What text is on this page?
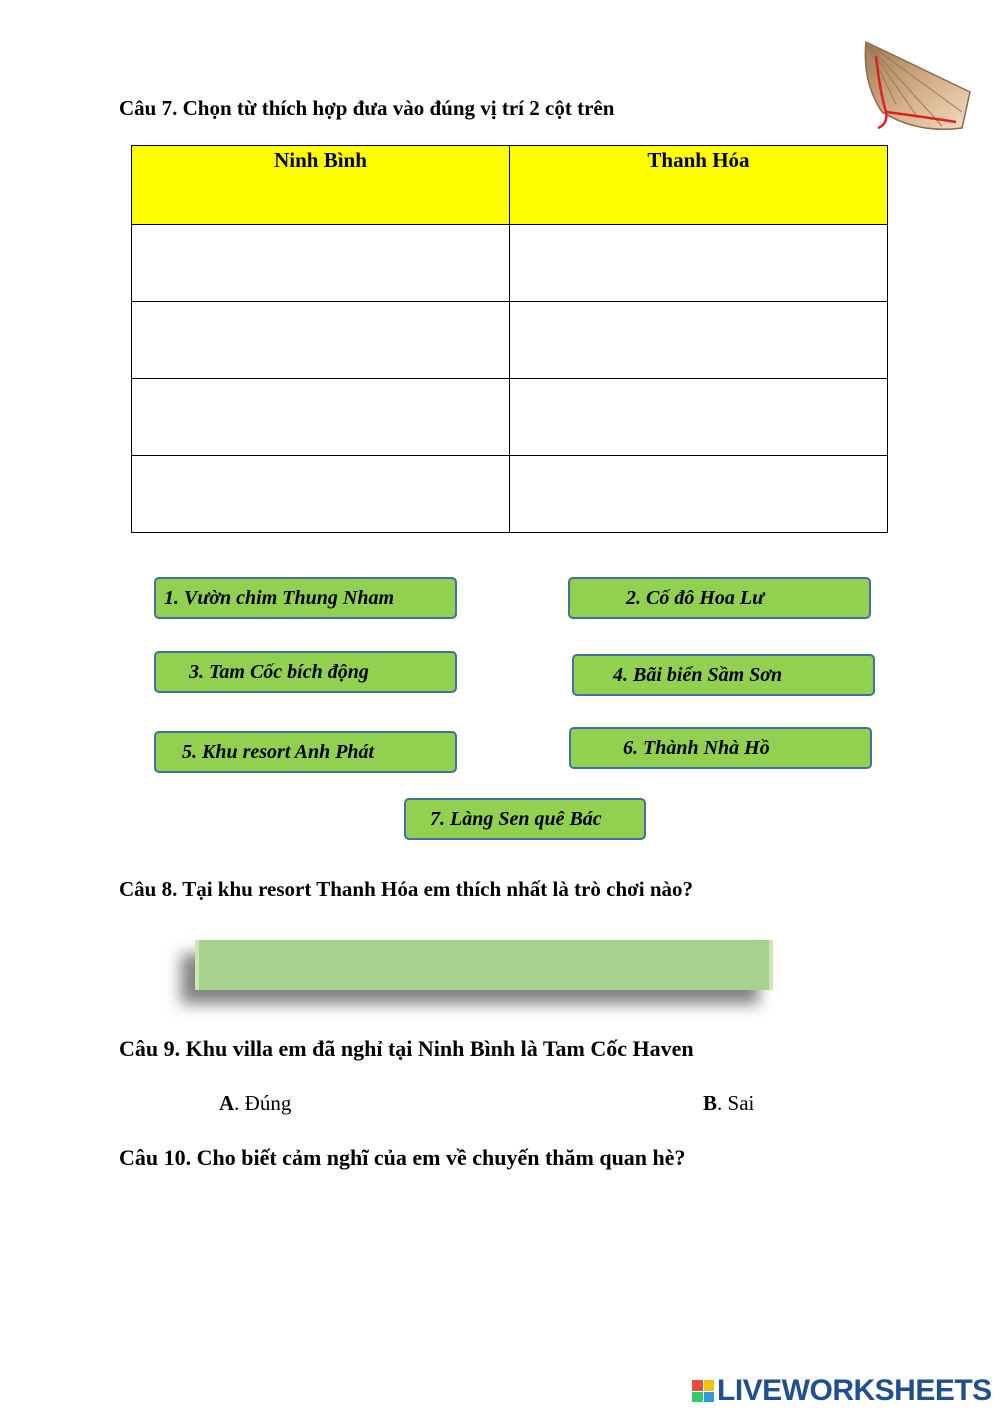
Câu 7. Chọn từ thích hợp đưa vào đúng vị trí 2 cột trên
Ninh Bình	Thanh Hóa

1. Vườn chim Thung Nham	2. Cố đô Hoa Lư
3. Tam Cốc bích động	4. Bãi biển Sầm Sơn
5. Khu resort Anh Phát	6. Thành Nhà Hồ
7. Làng Sen quê Bác
Câu 8. Tại khu resort Thanh Hóa em thích nhất là trò chơi nào?
Câu 9. Khu villa em đã nghỉ tại Ninh Bình là Tam Cốc Haven
A. Đúng	B. Sai
Câu 10. Cho biết cảm nghĩ của em về chuyến thăm quan hè?
LIVEWORKSHEETS
